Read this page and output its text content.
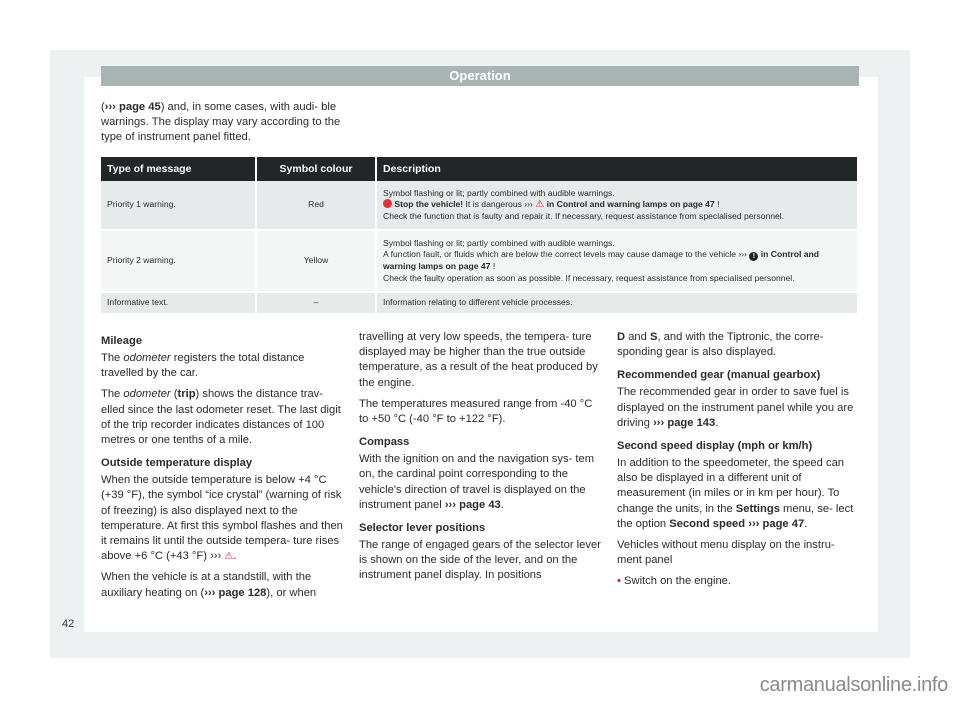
Operation
(››› page 45) and, in some cases, with audi- ble warnings. The display may vary according to the type of instrument panel fitted.
Type of message	Symbol colour	Description
Priority 1 warning.	Red	Symbol flashing or lit; partly combined with audible warnings.
Stop the vehicle! It is dangerous ››› ⚠ in Control and warning lamps on page 47 !
Check the function that is faulty and repair it. If necessary, request assistance from specialised personnel.

Priority 2 warning.	Yellow	Symbol flashing or lit; partly combined with audible warnings.
A function fault, or fluids which are below the correct levels may cause damage to the vehicle ››› ! in Control and warning lamps on page 47 !
Check the faulty operation as soon as possible. If necessary, request assistance from specialised personnel.

Informative text.	–	Information relating to different vehicle processes.
Mileage

The odometer registers the total distance travelled by the car.

The odometer (trip) shows the distance trav- elled since the last odometer reset. The last digit of the trip recorder indicates distances of 100 metres or one tenths of a mile.

Outside temperature display

When the outside temperature is below +4 °C (+39 °F), the symbol “ice crystal” (warning of risk of freezing) is also displayed next to the temperature. At first this symbol flashes and then it remains lit until the outside tempera- ture rises above +6 °C (+43 °F) ››› ⚠.

When the vehicle is at a standstill, with the auxiliary heating on (››› page 128), or when

travelling at very low speeds, the tempera- ture displayed may be higher than the true outside temperature, as a result of the heat produced by the engine.

The temperatures measured range from -40 °C to +50 °C (-40 °F to +122 °F).

Compass

With the ignition on and the navigation sys- tem on, the cardinal point corresponding to the vehicle's direction of travel is displayed on the instrument panel ››› page 43.

Selector lever positions

The range of engaged gears of the selector lever is shown on the side of the lever, and on the instrument panel display. In positions

D and S, and with the Tiptronic, the corre- sponding gear is also displayed.

Recommended gear (manual gearbox)

The recommended gear in order to save fuel is displayed on the instrument panel while you are driving ››› page 143.

Second speed display (mph or km/h)

In addition to the speedometer, the speed can also be displayed in a different unit of measurement (in miles or in km per hour). To change the units, in the Settings menu, se- lect the option Second speed ››› page 47.

Vehicles without menu display on the instru- ment panel

• Switch on the engine.

42
carmanualsonline.info
